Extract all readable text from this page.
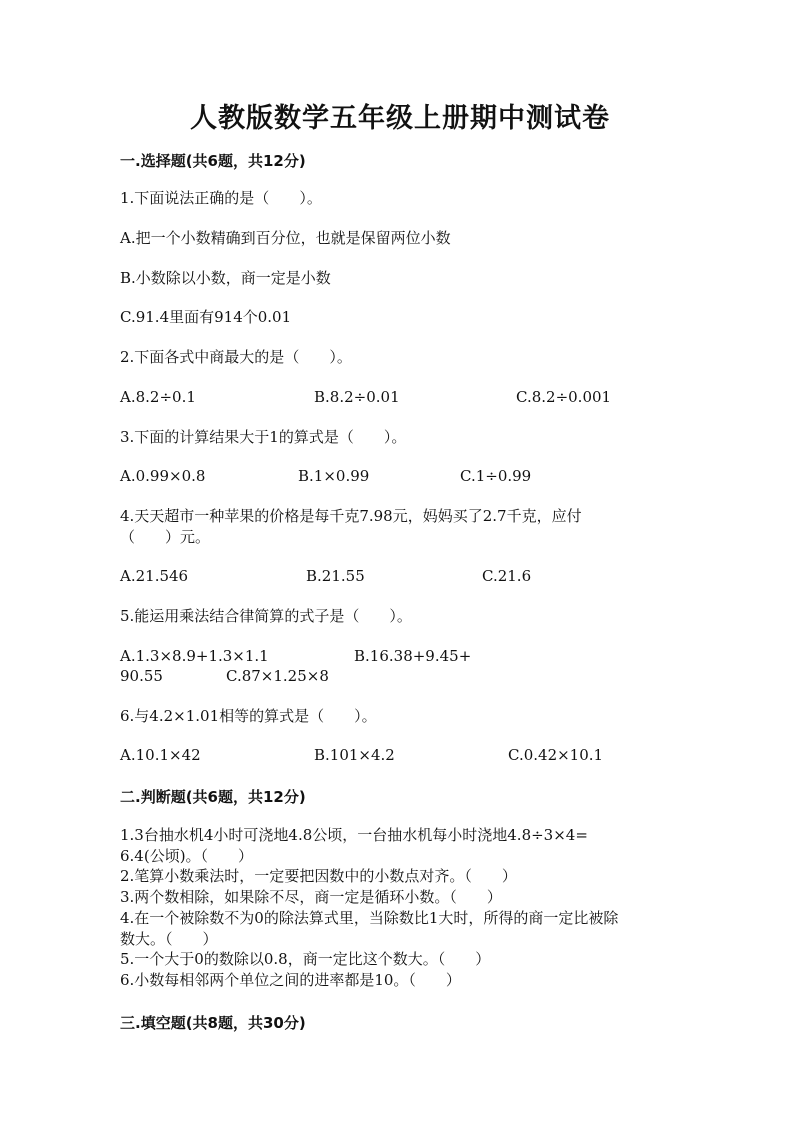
人教版数学五年级上册期中测试卷
一.选择题(共6题，共12分)

1.下面说法正确的是（　　）。

A.把一个小数精确到百分位，也就是保留两位小数

B.小数除以小数，商一定是小数

C.91.4里面有914个0.01

2.下面各式中商最大的是（　　）。

A.8.2÷0.1	B.8.2÷0.01	C.8.2÷0.001

3.下面的计算结果大于1的算式是（　　）。

A.0.99×0.8	B.1×0.99	C.1÷0.99

4.天天超市一种苹果的价格是每千克7.98元，妈妈买了2.7千克，应付

（　　）元。

A.21.546	B.21.55	C.21.6

5.能运用乘法结合律简算的式子是（　　）。

A.1.3×8.9+1.3×1.1	B.16.38+9.45+
90.55	C.87×1.25×8

6.与4.2×1.01相等的算式是（　　）。

A.10.1×42	B.101×4.2	C.0.42×10.1
二.判断题(共6题，共12分)

1.3台抽水机4小时可浇地4.8公顷，一台抽水机每小时浇地4.8÷3×4=

6.4(公顷)。（　　）

2.笔算小数乘法时，一定要把因数中的小数点对齐。（　　）

3.两个数相除，如果除不尽，商一定是循环小数。（　　）

4.在一个被除数不为0的除法算式里，当除数比1大时，所得的商一定比被除

数大。（　　）

5.一个大于0的数除以0.8，商一定比这个数大。（　　）

6.小数每相邻两个单位之间的进率都是10。（　　）

三.填空题(共8题，共30分)
